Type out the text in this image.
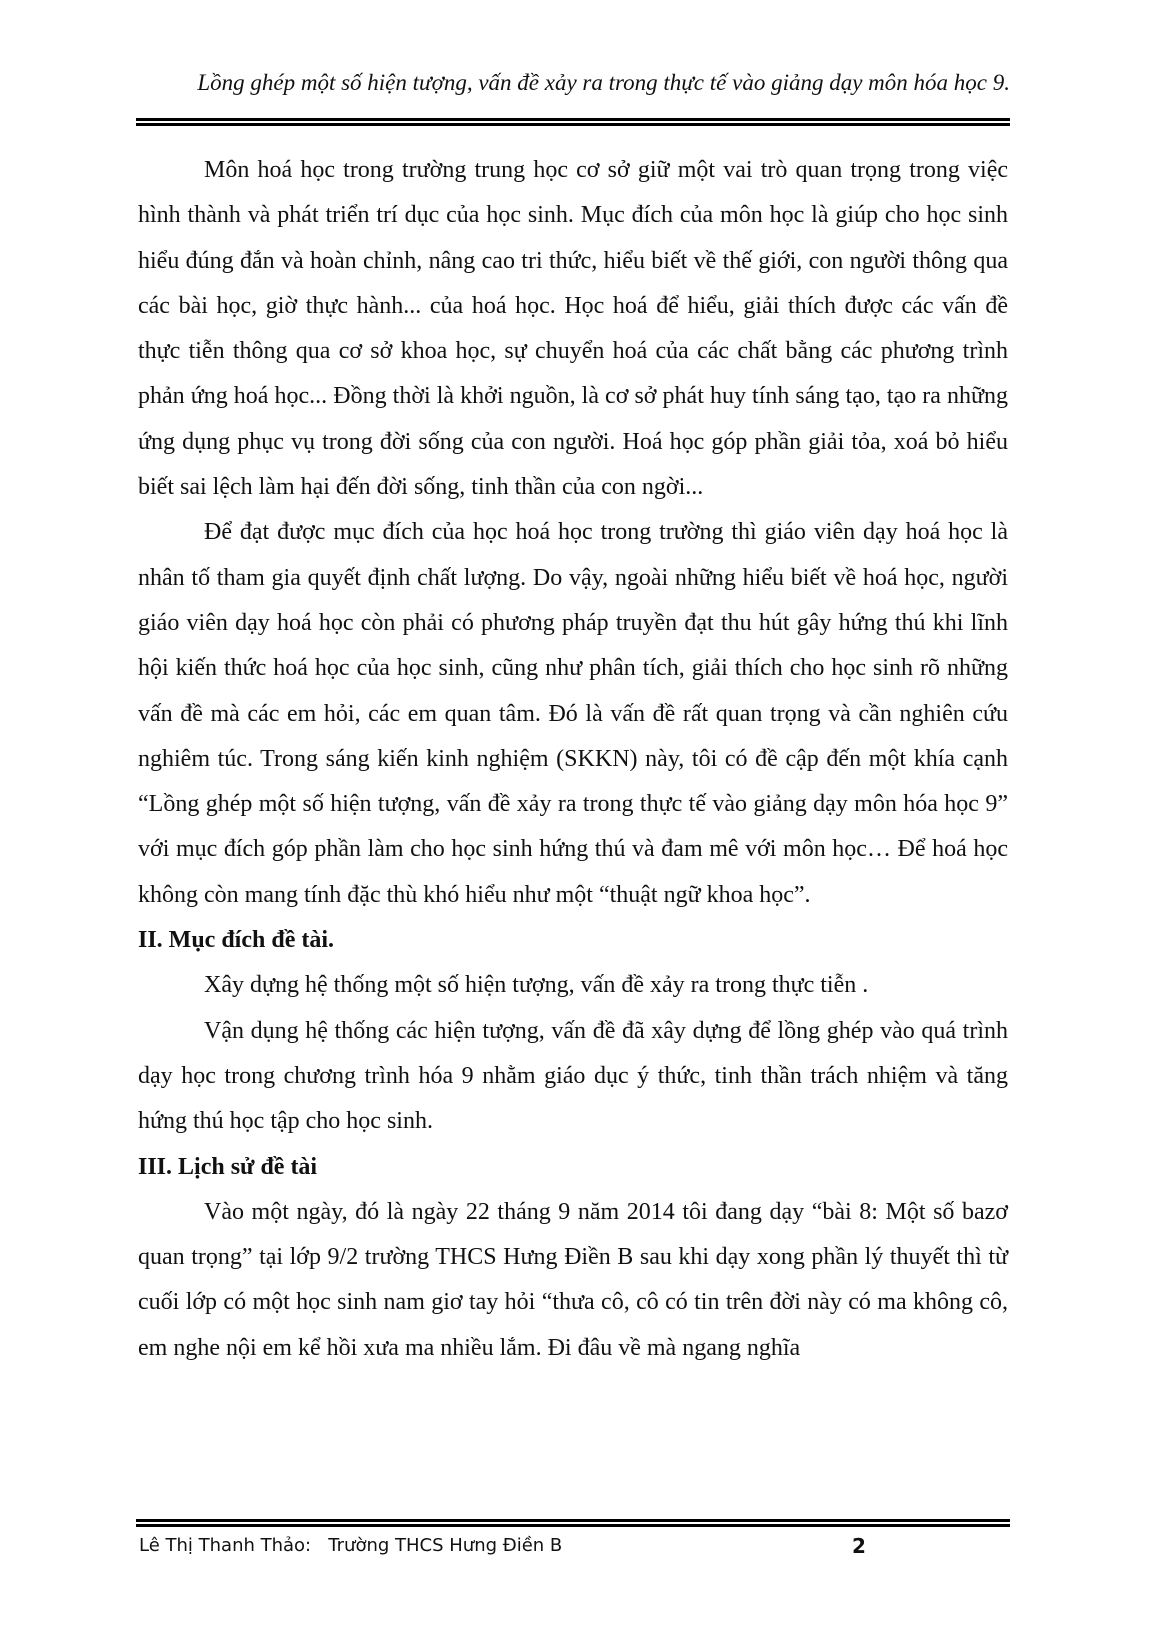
Lồng ghép một số hiện tượng, vấn đề xảy ra trong thực tế vào giảng dạy môn hóa học 9.

Môn hoá học trong trường trung học cơ sở giữ một vai trò quan trọng trong việc hình thành và phát triển trí dục của học sinh. Mục đích của môn học là giúp cho học sinh hiểu đúng đắn và hoàn chỉnh, nâng cao tri thức, hiểu biết về thế giới, con người thông qua các bài học, giờ thực hành... của hoá học. Học hoá để hiểu, giải thích được các vấn đề thực tiễn thông qua cơ sở khoa học, sự chuyển hoá của các chất bằng các phương trình phản ứng hoá học... Đồng thời là khởi nguồn, là cơ sở phát huy tính sáng tạo, tạo ra những ứng dụng phục vụ trong đời sống của con người. Hoá học góp phần giải tỏa, xoá bỏ hiểu biết sai lệch làm hại đến đời sống, tinh thần của con ngời...

Để đạt được mục đích của học hoá học trong trường thì giáo viên dạy hoá học là nhân tố tham gia quyết định chất lượng. Do vậy, ngoài những hiểu biết về hoá học, người giáo viên dạy hoá học còn phải có phương pháp truyền đạt thu hút gây hứng thú khi lĩnh hội kiến thức hoá học của học sinh, cũng như phân tích, giải thích cho học sinh rõ những vấn đề mà các em hỏi, các em quan tâm. Đó là vấn đề rất quan trọng và cần nghiên cứu nghiêm túc. Trong sáng kiến kinh nghiệm (SKKN) này, tôi có đề cập đến một khía cạnh “Lồng ghép một số hiện tượng, vấn đề xảy ra trong thực tế vào giảng dạy môn hóa học 9” với mục đích góp phần làm cho học sinh hứng thú và đam mê với môn học… Để hoá học không còn mang tính đặc thù khó hiểu như một “thuật ngữ khoa học”.

II. Mục đích đề tài.

Xây dựng hệ thống một số hiện tượng, vấn đề xảy ra trong thực tiễn .

Vận dụng hệ thống các hiện tượng, vấn đề đã xây dựng để lồng ghép vào quá trình dạy học trong chương trình hóa 9 nhằm giáo dục ý thức, tinh thần trách nhiệm và tăng hứng thú học tập cho học sinh.

III. Lịch sử đề tài

Vào một ngày, đó là ngày 22 tháng 9 năm 2014 tôi đang dạy “bài 8: Một số bazơ quan trọng” tại lớp 9/2 trường THCS Hưng Điền B sau khi dạy xong phần lý thuyết thì từ cuối lớp có một học sinh nam giơ tay hỏi “thưa cô, cô có tin trên đời này có ma không cô, em nghe nội em kể hồi xưa ma nhiều lắm. Đi đâu về mà ngang nghĩa

Lê Thị Thanh Thảo:   Trường THCS Hưng Điền B	2
